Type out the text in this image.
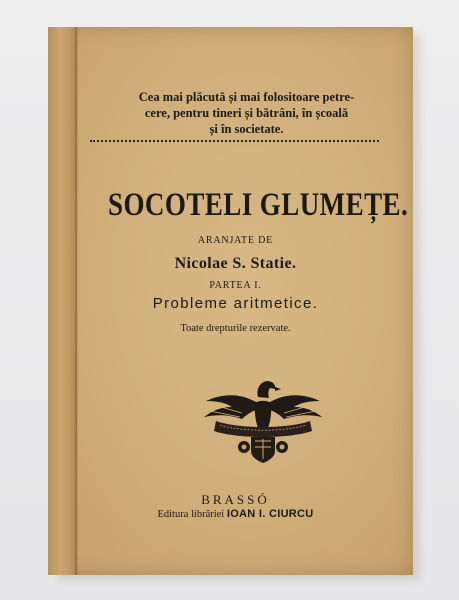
Cea mai plăcută și mai folositoare petre-
cere, pentru tineri și bătrâni, în școală
și în societate.
SOCOTELI GLUMEȚE.
ARANJATE DE
Nicolae S. Statie.
PARTEA I.
Probleme aritmetice.
Toate drepturile rezervate.
BRASSÓ
Editura librăriei IOAN I. CIURCU
